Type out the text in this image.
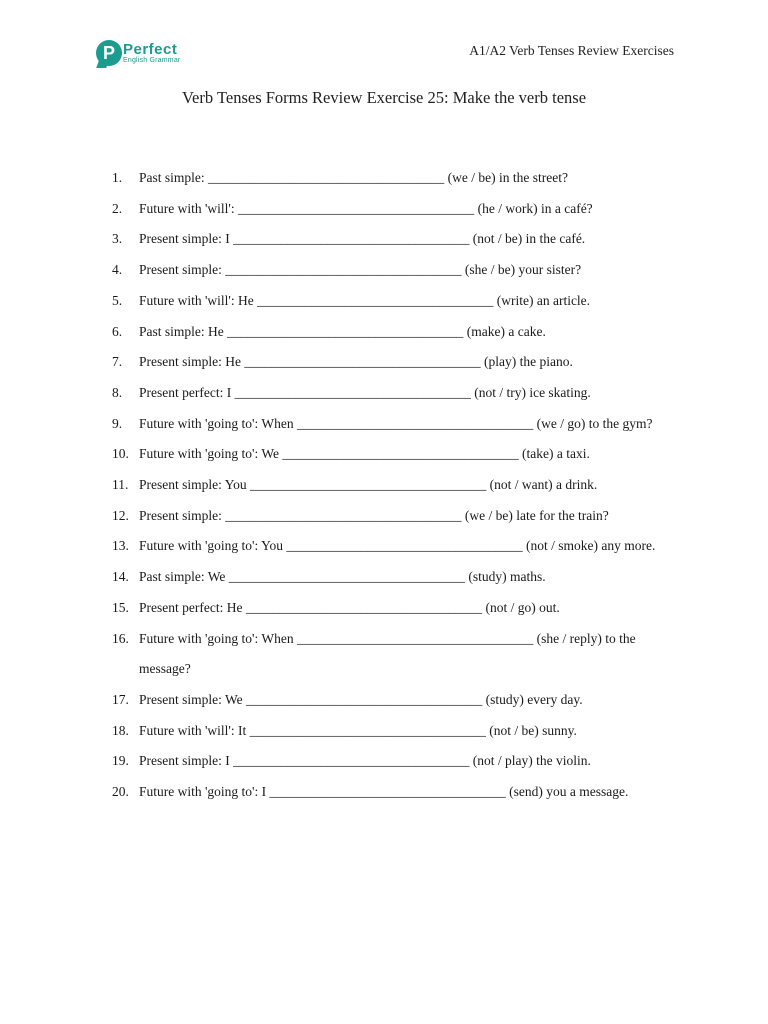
P Perfect
English Grammar
A1/A2 Verb Tenses Review Exercises
Verb Tenses Forms Review Exercise 25: Make the verb tense
1.	Past simple: ___________________________________ (we / be) in the street?
2.	Future with 'will': ___________________________________ (he / work) in a café?
3.	Present simple: I ___________________________________ (not / be) in the café.
4.	Present simple: ___________________________________ (she / be) your sister?
5.	Future with 'will': He ___________________________________ (write) an article.
6.	Past simple: He ___________________________________ (make) a cake.
7.	Present simple: He ___________________________________ (play) the piano.
8.	Present perfect: I ___________________________________ (not / try) ice skating.
9.	Future with 'going to': When ___________________________________ (we / go) to the gym?
10. Future with 'going to': We ___________________________________ (take) a taxi.
11. Present simple: You ___________________________________ (not / want) a drink.
12. Present simple: ___________________________________ (we / be) late for the train?
13. Future with 'going to': You ___________________________________ (not / smoke) any more.
14. Past simple: We ___________________________________ (study) maths.
15. Present perfect: He ___________________________________ (not / go) out.
16. Future with 'going to': When ___________________________________ (she / reply) to the message?
17. Present simple: We ___________________________________ (study) every day.
18. Future with 'will': It ___________________________________ (not / be) sunny.
19. Present simple: I ___________________________________ (not / play) the violin.
20. Future with 'going to': I ___________________________________ (send) you a message.
